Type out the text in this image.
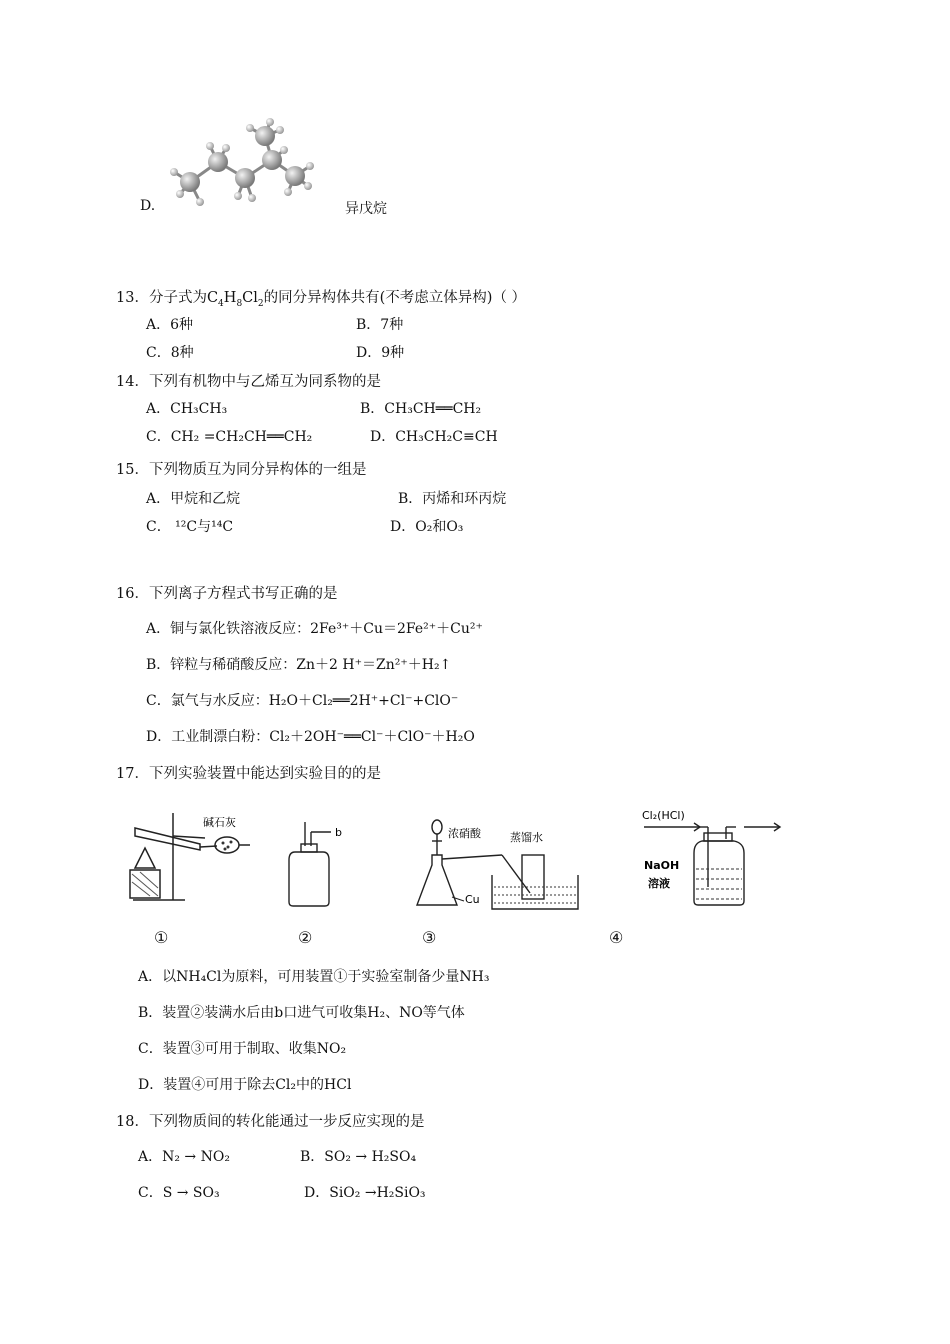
D.	异戊烷
13．分子式为$C_4H_8Cl_2$的同分异构体共有(不考虑立体异构)（ ）
A．6种	B．7种
C．8种	D．9种
14．下列有机物中与乙烯互为同系物的是
A．CH₃CH₃	B．CH₃CH══CH₂
C．CH₂ =CH₂CH══CH₂	D．CH₃CH₂C≡CH
15．下列物质互为同分异构体的一组是
A．甲烷和乙烷	B．丙烯和环丙烷
C． ¹²C与¹⁴C	D．O₂和O₃
16．下列离子方程式书写正确的是
A．铜与氯化铁溶液反应：2Fe³⁺＋Cu＝2Fe²⁺＋Cu²⁺
B．锌粒与稀硝酸反应：Zn＋2 H⁺＝Zn²⁺＋H₂↑
C．氯气与水反应：H₂O＋Cl₂══2H⁺+Cl⁻+ClO⁻
D．工业制漂白粉：Cl₂＋2OH⁻══Cl⁻＋ClO⁻＋H₂O
17．下列实验装置中能达到实验目的的是
碱石灰
b	浓硝酸	蒸馏水
Cu
Cl₂(HCl)
NaOH
溶液
①	②	③	④
A．以NH₄Cl为原料，可用装置①于实验室制备少量NH₃
B．装置②装满水后由b口进气可收集H₂、NO等气体
C．装置③可用于制取、收集NO₂
D．装置④可用于除去Cl₂中的HCl
18．下列物质间的转化能通过一步反应实现的是
A．N₂ → NO₂	B．SO₂ → H₂SO₄
C．S → SO₃	D．SiO₂ →H₂SiO₃
